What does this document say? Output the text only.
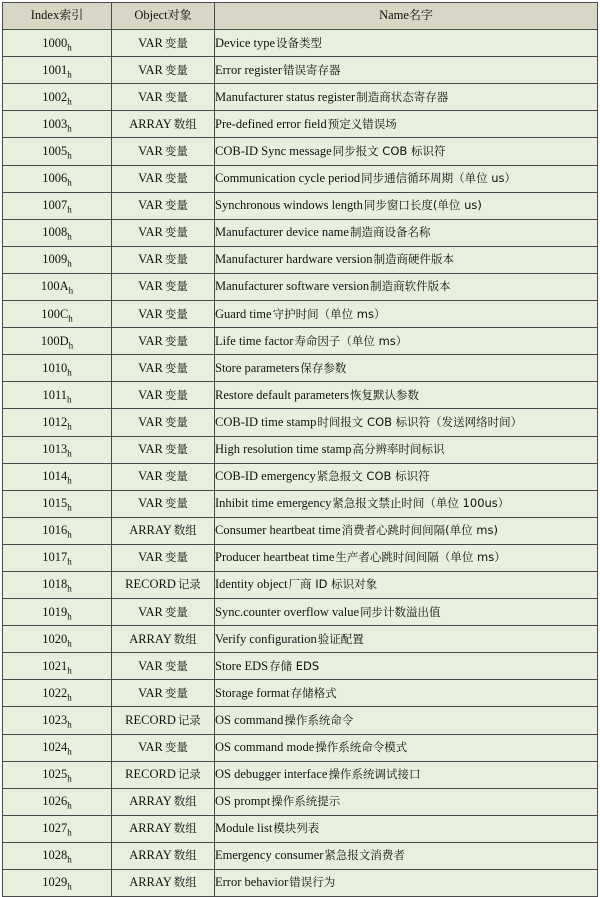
Index索引	Object对象	Name名字
$1000_h$	VAR 变量	Device type设备类型
$1001_h$	VAR 变量	Error register错误寄存器
$1002_h$	VAR 变量	Manufacturer status register制造商状态寄存器
$1003_h$	ARRAY 数组	Pre-defined error field预定义错误场
$1005_h$	VAR 变量	COB-ID Sync message同步报文 COB 标识符
$1006_h$	VAR 变量	Communication cycle period同步通信循环周期（单位 us）
$1007_h$	VAR 变量	Synchronous windows length同步窗口长度(单位 us)
$1008_h$	VAR 变量	Manufacturer device name制造商设备名称
$1009_h$	VAR 变量	Manufacturer hardware version制造商硬件版本
$100A_h$	VAR 变量	Manufacturer software version制造商软件版本
$100C_h$	VAR 变量	Guard time守护时间（单位 ms）
$100D_h$	VAR 变量	Life time factor寿命因子（单位 ms）
$1010_h$	VAR 变量	Store parameters保存参数
$1011_h$	VAR 变量	Restore default parameters恢复默认参数
$1012_h$	VAR 变量	COB-ID time stamp时间报文 COB 标识符（发送网络时间）
$1013_h$	VAR 变量	High resolution time stamp高分辨率时间标识
$1014_h$	VAR 变量	COB-ID emergency紧急报文 COB 标识符
$1015_h$	VAR 变量	Inhibit time emergency紧急报文禁止时间（单位 100us）
$1016_h$	ARRAY 数组	Consumer heartbeat time消费者心跳时间间隔(单位 ms)
$1017_h$	VAR 变量	Producer heartbeat time生产者心跳时间间隔（单位 ms）
$1018_h$	RECORD 记录	Identity object厂商 ID 标识对象
$1019_h$	VAR 变量	Sync.counter overflow value同步计数溢出值
$1020_h$	ARRAY 数组	Verify configuration验证配置
$1021_h$	VAR 变量	Store EDS存储 EDS
$1022_h$	VAR 变量	Storage format存储格式
$1023_h$	RECORD 记录	OS command操作系统命令
$1024_h$	VAR 变量	OS command mode操作系统命令模式
$1025_h$	RECORD 记录	OS debugger interface操作系统调试接口
$1026_h$	ARRAY 数组	OS prompt操作系统提示
$1027_h$	ARRAY 数组	Module list模块列表
$1028_h$	ARRAY 数组	Emergency consumer紧急报文消费者
$1029_h$	ARRAY 数组	Error behavior错误行为
